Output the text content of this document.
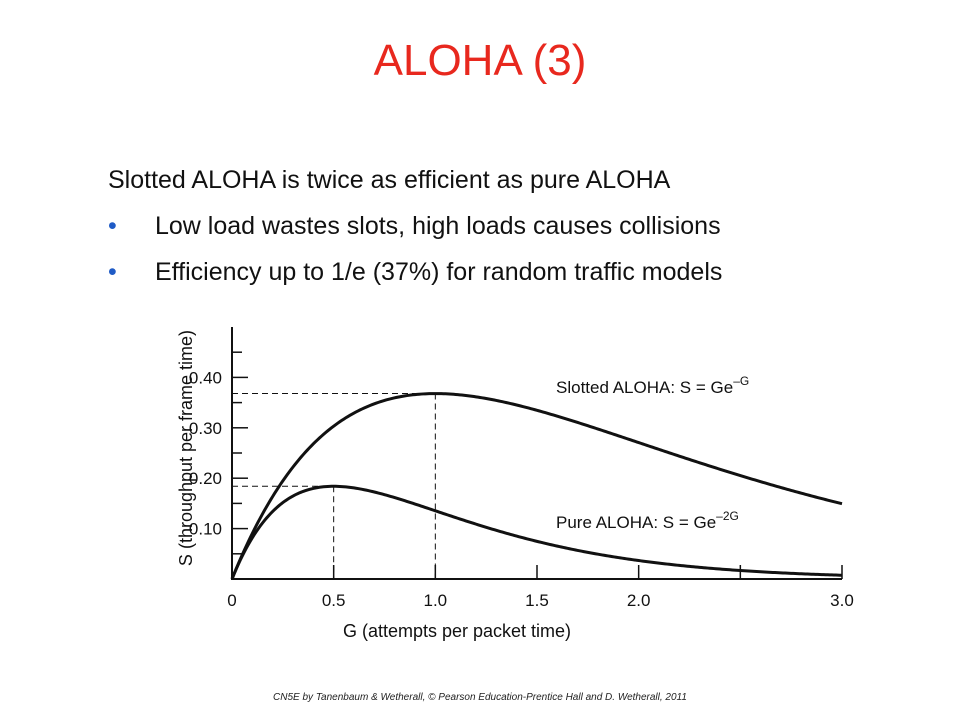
ALOHA (3)
Slotted ALOHA is twice as efficient as pure ALOHA
• Low load wastes slots, high loads causes collisions
• Efficiency up to 1/e (37%) for random traffic models
0.10
0.20
0.30
0.40
0	0.5	1.0	1.5	2.0	3.0
G (attempts per packet time)
S (throughput per frame time)	Slotted ALOHA: $S = Ge^{-G}$
Pure ALOHA: $S = Ge^{-2G}$
CN5E by Tanenbaum & Wetherall, © Pearson Education-Prentice Hall and D. Wetherall, 2011
